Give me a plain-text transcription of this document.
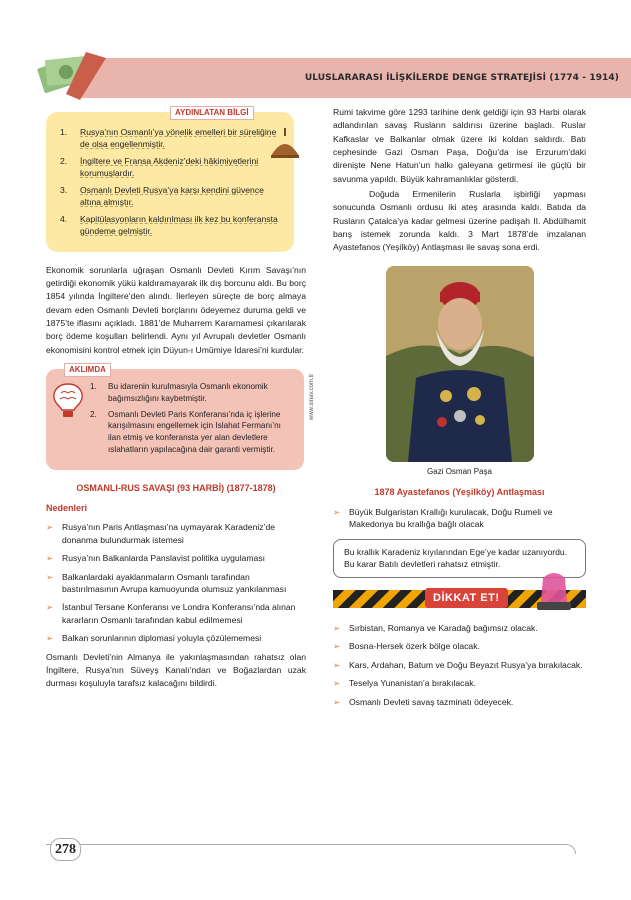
ULUSLARARASI İLİŞKİLERDE DENGE STRATEJİSİ (1774 - 1914)
AYDINLATAN BİLGİ
1.	Rusya’nın Osmanlı’ya yönelik emelleri bir süreliğine de olsa engellenmiştir.
2.	İngiltere ve Fransa Akdeniz’deki hâkimiyetlerini korumuşlardır.
3.	Osmanlı Devleti Rusya’ya karşı kendini güvence altına almıştır.
4.	Kapitülasyonların kaldırılması ilk kez bu konferansta gündeme gelmiştir.

Ekonomik sorunlarla uğraşan Osmanlı Devleti Kırım Savaşı’nın getirdiği ekonomik yükü kaldıramayarak ilk dış borcunu aldı. Bu borç 1854 yılında İngiltere’den alındı. İlerleyen süreçte de borç almaya devam eden Osmanlı Devleti borçlarını ödeyemez duruma geldi ve 1875’te iflasını açıkladı. 1881’de Muharrem Kararnamesi çıkarılarak borç ödeme koşulları belirlendi. Aynı yıl Avrupalı devletler Osmanlı ekonomisini kontrol etmek için Düyun-ı Umûmiye İdaresi’ni kurdular.

AKLIMDA
1.	Bu idarenin kurulmasıyla Osmanlı ekonomik bağımsızlığını kaybetmiştir.
2.	Osmanlı Devleti Paris Konferansı’nda iç işlerine karışılmasını engellemek için Islahat Fermanı’nı ilan etmiş ve konferansta yer alan devletlere ıslahatların yapılacağına dair garanti vermiştir.
OSMANLI-RUS SAVAŞI (93 HARBİ) (1877-1878)
Nedenleri
➢	Rusya’nın Paris Antlaşması’na uymayarak Karadeniz’de donanma bulundurmak istemesi
➢	Rusya’nın Balkanlarda Panslavist politika uygulaması
➢	Balkanlardaki ayaklanmaların Osmanlı tarafından bastırılmasının Avrupa kamuoyunda olumsuz yankılanması
➢	İstanbul Tersane Konferansı ve Londra Konferansı’nda alınan kararların Osmanlı tarafından kabul edilmemesi
➢	Balkan sorunlarının diplomasi yoluyla çözülememesi

Osmanlı Devleti’nin Almanya ile yakınlaşmasından rahatsız olan İngiltere, Rusya’nın Süveyş Kanalı’ndan ve Boğazlardan uzak durması koşuluyla tarafsız kalacağını bildirdi.

www.sinav.com.tr

Rumi takvime göre 1293 tarihine denk geldiği için 93 Harbi olarak adlandırılan savaş Rusların saldırısı üzerine başladı. Ruslar Kafkaslar ve Balkanlar olmak üzere iki koldan saldırdı. Batı cephesinde Gazi Osman Paşa, Doğu’da ise Erzurum’daki direnişte Nene Hatun’un halkı galeyana getirmesi ile güçlü bir savunma yapıldı. Büyük kahramanlıklar gösterdi.

Doğuda Ermenilerin Ruslarla işbirliği yapması sonucunda Osmanlı ordusu iki ateş arasında kaldı. Batıda da Rusların Çatalca’ya kadar gelmesi üzerine padişah II. Abdülhamit barış istemek zorunda kaldı. 3 Mart 1878’de imzalanan Ayastefanos (Yeşilköy) Antlaşması ile savaş sona erdi.

Gazi Osman Paşa
1878 Ayastefanos (Yeşilköy) Antlaşması
➢	Büyük Bulgaristan Krallığı kurulacak, Doğu Rumeli ve Makedonya bu krallığa bağlı olacak
Bu krallık Karadeniz kıyılarından Ege’ye kadar uzanıyordu. Bu karar Batılı devletleri rahatsız etmiştir.
DİKKAT ET!
➢	Sırbistan, Romanya ve Karadağ bağımsız olacak.
➢	Bosna-Hersek özerk bölge olacak.
➢	Kars, Ardahan, Batum ve Doğu Beyazıt Rusya’ya bırakılacak.
➢	Teselya Yunanistan’a bırakılacak.
➢	Osmanlı Devleti savaş tazminatı ödeyecek.
278
